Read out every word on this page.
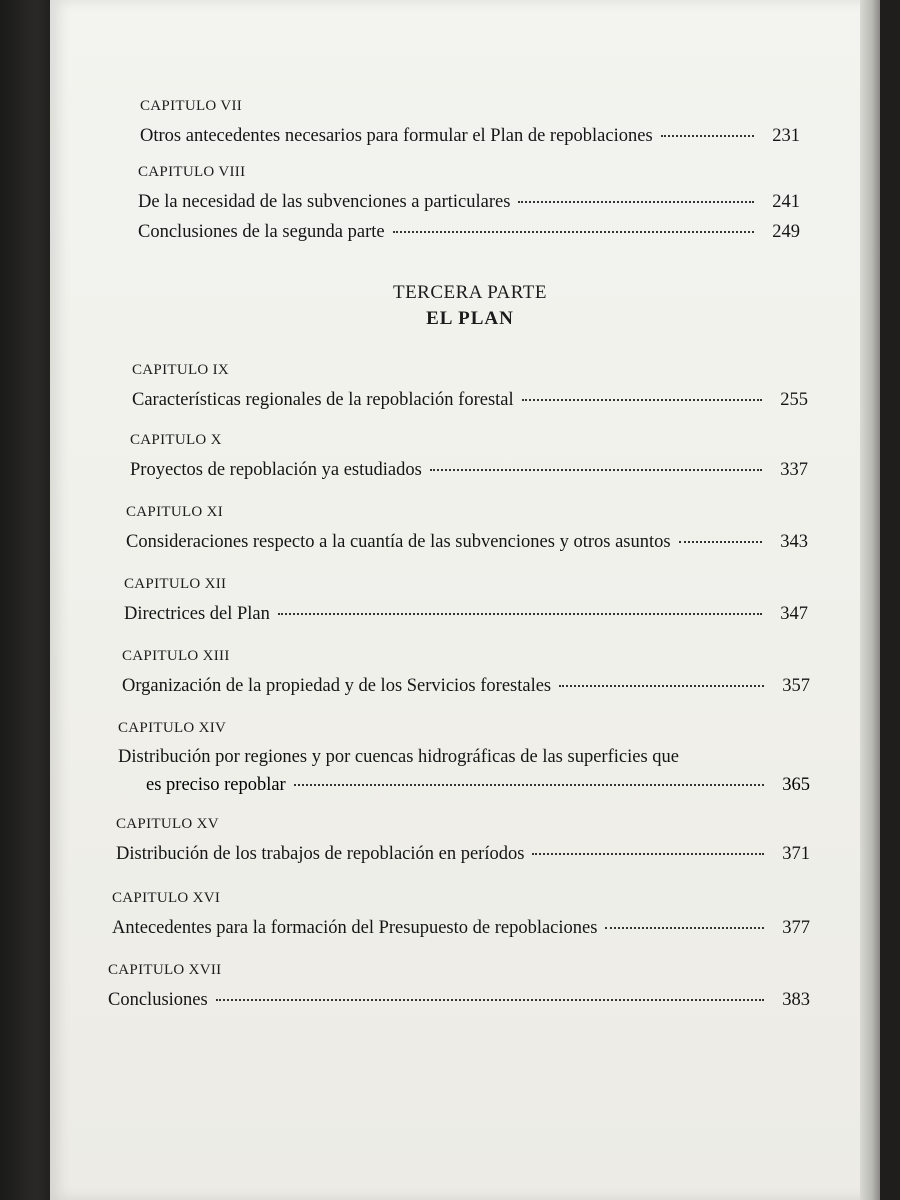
CAPITULO VII
Otros antecedentes necesarios para formular el Plan de repoblaciones	231
CAPITULO VIII
De la necesidad de las subvenciones a particulares	241
Conclusiones de la segunda parte	249
TERCERA PARTE
EL PLAN
CAPITULO IX
Características regionales de la repoblación forestal	255
CAPITULO X
Proyectos de repoblación ya estudiados	337
CAPITULO XI
Consideraciones respecto a la cuantía de las subvenciones y otros asuntos	343
CAPITULO XII
Directrices del Plan	347
CAPITULO XIII
Organización de la propiedad y de los Servicios forestales	357
CAPITULO XIV
Distribución por regiones y por cuencas hidrográficas de las superficies que
es preciso repoblar	365
CAPITULO XV
Distribución de los trabajos de repoblación en períodos	371
CAPITULO XVI
Antecedentes para la formación del Presupuesto de repoblaciones	377
CAPITULO XVII
Conclusiones	383
